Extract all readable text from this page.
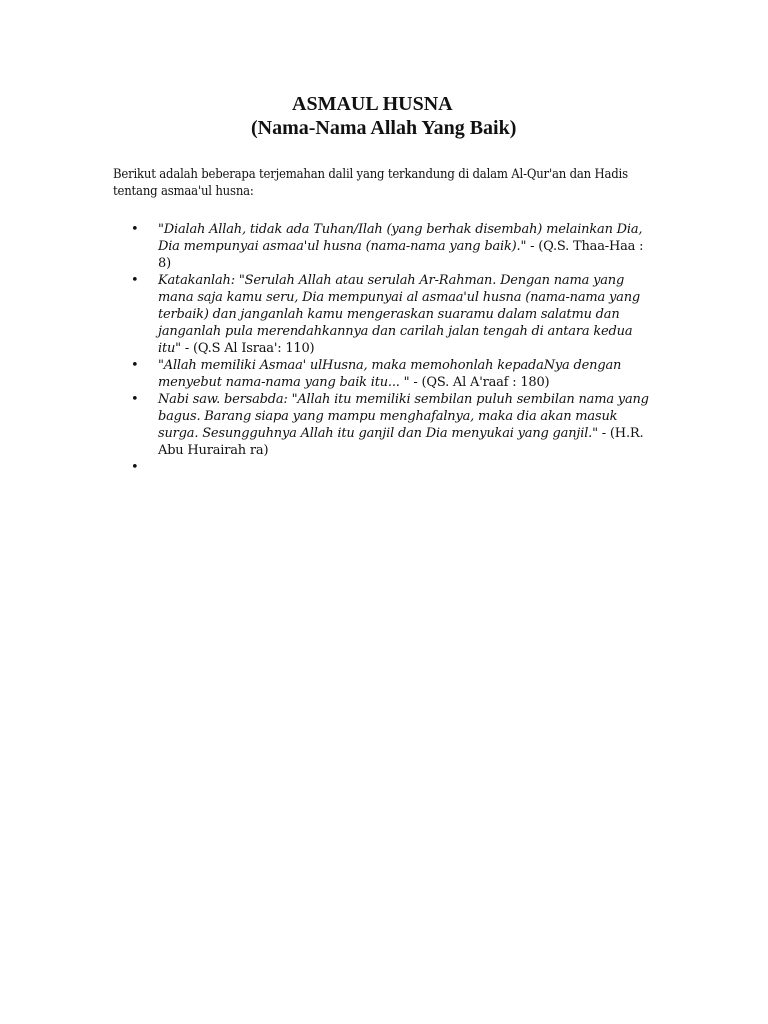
ASMAUL HUSNA
(Nama-Nama Allah Yang Baik)

Berikut adalah beberapa terjemahan dalil yang terkandung di dalam Al-Qur'an dan Hadis tentang asmaa'ul husna:

• "Dialah Allah, tidak ada Tuhan/Ilah (yang berhak disembah) melainkan Dia, Dia mempunyai asmaa'ul husna (nama-nama yang baik)." - (Q.S. Thaa-Haa : 8)
• Katakanlah: "Serulah Allah atau serulah Ar-Rahman. Dengan nama yang mana saja kamu seru, Dia mempunyai al asmaa'ul husna (nama-nama yang terbaik) dan janganlah kamu mengeraskan suaramu dalam salatmu dan janganlah pula merendahkannya dan carilah jalan tengah di antara kedua itu" - (Q.S Al Israa': 110)
• "Allah memiliki Asmaa' ulHusna, maka memohonlah kepadaNya dengan menyebut nama-nama yang baik itu... " - (QS. Al A'raaf : 180)
• Nabi saw. bersabda: "Allah itu memiliki sembilan puluh sembilan nama yang bagus. Barang siapa yang mampu menghafalnya, maka dia akan masuk surga. Sesungguhnya Allah itu ganjil dan Dia menyukai yang ganjil." - (H.R. Abu Hurairah ra)
•
